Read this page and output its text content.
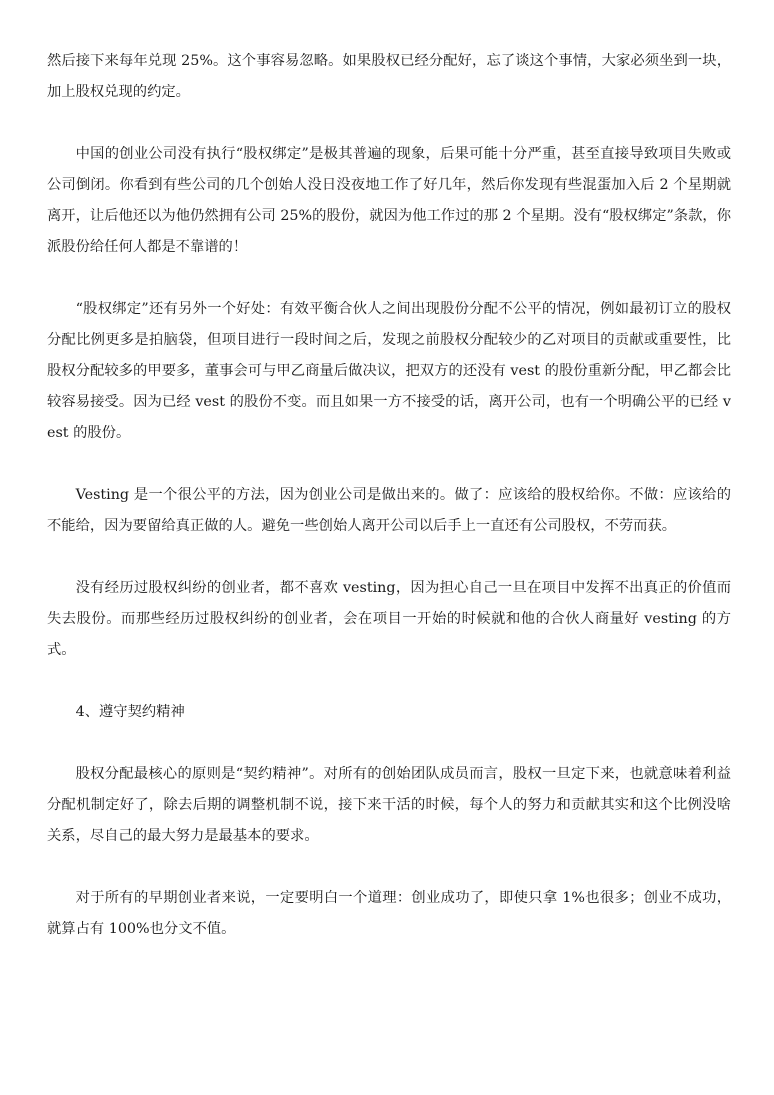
然后接下来每年兑现 25%。这个事容易忽略。如果股权已经分配好，忘了谈这个事情，大家必须坐到一块，加上股权兑现的约定。

中国的创业公司没有执行“股权绑定”是极其普遍的现象，后果可能十分严重，甚至直接导致项目失败或公司倒闭。你看到有些公司的几个创始人没日没夜地工作了好几年，然后你发现有些混蛋加入后 2 个星期就离开，让后他还以为他仍然拥有公司 25%的股份，就因为他工作过的那 2 个星期。没有“股权绑定”条款，你派股份给任何人都是不靠谱的！

“股权绑定”还有另外一个好处：有效平衡合伙人之间出现股份分配不公平的情况，例如最初订立的股权分配比例更多是拍脑袋，但项目进行一段时间之后，发现之前股权分配较少的乙对项目的贡献或重要性，比股权分配较多的甲要多，董事会可与甲乙商量后做决议，把双方的还没有 vest 的股份重新分配，甲乙都会比较容易接受。因为已经 vest 的股份不变。而且如果一方不接受的话，离开公司，也有一个明确公平的已经 vest 的股份。

Vesting 是一个很公平的方法，因为创业公司是做出来的。做了：应该给的股权给你。不做：应该给的不能给，因为要留给真正做的人。避免一些创始人离开公司以后手上一直还有公司股权，不劳而获。

没有经历过股权纠纷的创业者，都不喜欢 vesting，因为担心自己一旦在项目中发挥不出真正的价值而失去股份。而那些经历过股权纠纷的创业者，会在项目一开始的时候就和他的合伙人商量好 vesting 的方式。

4、遵守契约精神

股权分配最核心的原则是“契约精神”。对所有的创始团队成员而言，股权一旦定下来，也就意味着利益分配机制定好了，除去后期的调整机制不说，接下来干活的时候，每个人的努力和贡献其实和这个比例没啥关系，尽自己的最大努力是最基本的要求。

对于所有的早期创业者来说，一定要明白一个道理：创业成功了，即使只拿 1%也很多；创业不成功，就算占有 100%也分文不值。
